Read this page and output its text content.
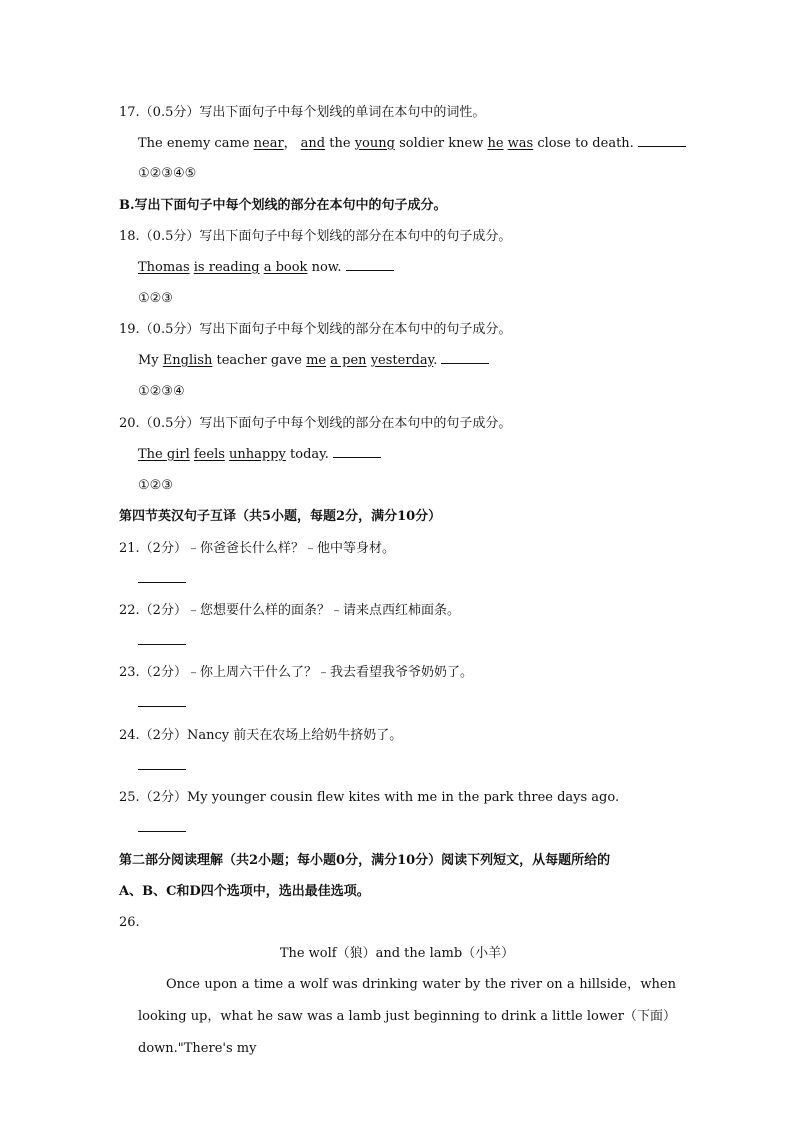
17.（0.5分）写出下面句子中每个划线的单词在本句中的词性。
The enemy came near， and the young soldier knew he was close to death.
①②③④⑤
B.写出下面句子中每个划线的部分在本句中的句子成分。
18.（0.5分）写出下面句子中每个划线的部分在本句中的句子成分。
Thomas is reading a book now.
①②③
19.（0.5分）写出下面句子中每个划线的部分在本句中的句子成分。
My English teacher gave me a pen yesterday.
①②③④
20.（0.5分）写出下面句子中每个划线的部分在本句中的句子成分。
The girl feels unhappy today.
①②③
第四节英汉句子互译（共5小题，每题2分，满分10分）
21.（2分）﹣你爸爸长什么样？﹣他中等身材。
22.（2分）﹣您想要什么样的面条？﹣请来点西红柿面条。
23.（2分）﹣你上周六干什么了？﹣我去看望我爷爷奶奶了。
24.（2分）Nancy 前天在农场上给奶牛挤奶了。
25.（2分）My younger cousin flew kites with me in the park three days ago.
第二部分阅读理解（共2小题；每小题0分，满分10分）阅读下列短文，从每题所给的
A、B、C和D四个选项中，选出最佳选项。
26.
The wolf（狼）and the lamb（小羊）
Once upon a time a wolf was drinking water by the river on a hillside，when looking up，what he saw was a lamb just beginning to drink a little lower（下面） down."There's my
